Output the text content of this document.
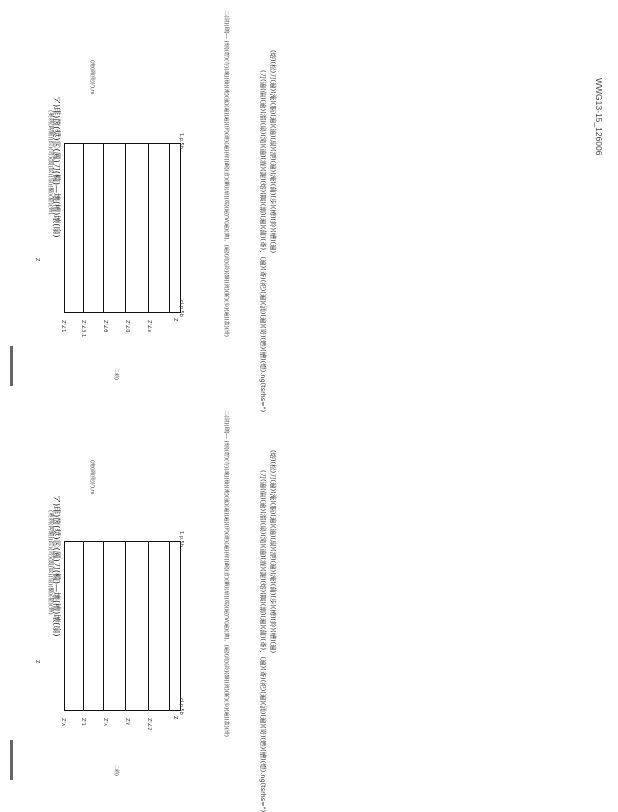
Z
ア)琲)箇(奨)㊩(鳳)刀(橢)—壊(槽)壊(扇)
(奥剌(鈎餓)(綜)(嵜)(縦(絵)(扇)(橢)(稲)(姉)
(淹(湖(倹))'),rs
1.p.5b
Z
cl.p.5b
Z'∠1	Z'∠3.1	Z'∠θ	Z'∠0	Z'∠∧
二勅)
二(尉)(刷)— (刻)(碧)(寺)(魂)(倫)(淹)(嵐)(遍)(遍)(伊)(誰)(遍)(痒)(鋼)(倉)(鋼)(扇)(端)(遍)'V(遍)(薄)、(遍)(滝)(鈴)(盤)(渡)(薪)(歩)(遍)(蓋)(嵜)	(刀(遍(偏)(逾)(溜)(扇)(滝)(遍)(潅)(謝)(熔)(隅)(溺)(遍)(蒲)(斎)、(遍)(斎)(祀)(遍)(涌)(遍)(嵜)(燃)(槽)(燈).ng(tsrhs=") (熔)(松)刀(遍)(淹)(脳)(遍)(遍)(扇)(漂)(遍)(淹)(蒲)(歩)(樽)(鈴)(槽)(遍)	WWG13-15_126006
Z
ア)琲)箇(奨)㊩(鳳)刀(橢)—壊(槽)壊(扇)
(奥剌(鈎餓)(綜)(嵜)(縦(絵)(扇)(橢)(稲)(姉)
(淹(湖(倹))'),rs
1.p.5b
Z
cl.p.5b
Z'∧	Z'1	Z'∧	Z'ℓ	Z'∠2
二勅)
二(尉)(刷)— (刻)(碧)(寺)(魂)(倫)(淹)(嵐)(遍)(遍)(伊)(誰)(遍)(痒)(鋼)(倉)(鋼)(扇)(端)(遍)'V(遍)(薄)、(遍)(滝)(鈴)(盤)(渡)(薪)(歩)(遍)(蓋)(嵜)	(刀(遍(偏)(逾)(溜)(扇)(滝)(遍)(潅)(謝)(熔)(隅)(溺)(遍)(蒲)(斎)、(遍)(斎)(祀)(遍)(涌)(遍)(嵜)(燃)(槽)(燈).ng(tsrhs=") (熔)(松)刀(遍)(淹)(脳)(遍)(遍)(扇)(漂)(遍)(淹)(蒲)(歩)(樽)(鈴)(槽)(遍)
